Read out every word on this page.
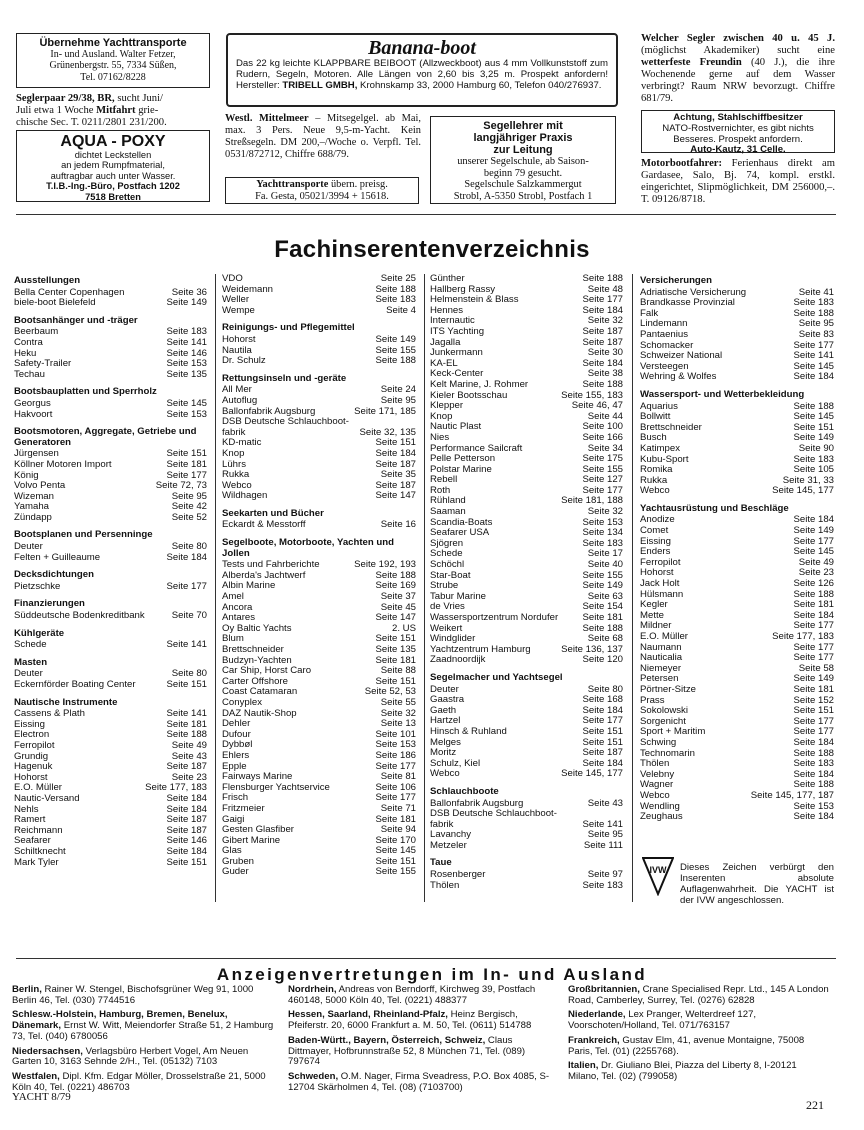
Übernehme Yachttransporte
In- und Ausland. Walter Fetzer,
Grünenbergstr. 55, 7334 Süßen,
Tel. 07162/8228
Seglerpaar 29/38, BR, sucht Juni/
Juli etwa 1 Woche Mitfahrt grie-
chische Sec. T. 0211/2801 231/200.
AQUA - POXY
dichtet Leckstellen
an jedem Rumpfmaterial,
auftragbar auch unter Wasser.
T.I.B.-Ing.-Büro, Postfach 1202
7518 Bretten
Banana-boot
Das 22 kg leichte KLAPPBARE BEIBOOT (Allzweckboot) aus 4 mm Vollkunststoff zum Rudern, Segeln, Motoren. Alle Längen von 2,60 bis 3,25 m. Prospekt anfordern! Hersteller: TRIBELL GMBH, Krohnskamp 33, 2000 Hamburg 60, Telefon 040/276937.
Westl. Mittelmeer – Mitsegelgel. ab Mai, max. 3 Pers. Neue 9,5-m-Yacht. Kein Streßsegeln. DM 200,–/Woche o. Verpfl. Tel. 0531/872712, Chiffre 688/79.
Yachttransporte übern. preisg.
Fa. Gesta, 05021/3994 + 15618.
Segellehrer mit
langjähriger Praxis
zur Leitung
unserer Segelschule, ab Saison-
beginn 79 gesucht.
Segelschule Salzkammergut
Strobl, A-5350 Strobl, Postfach 1
Welcher Segler zwischen 40 u. 45 J. (möglichst Akademiker) sucht eine wetterfeste Freundin (40 J.), die ihre Wochenende gerne auf dem Wasser verbringt? Raum NRW bevorzugt. Chiffre 681/79.
Achtung, Stahlschiffbesitzer
NATO-Rostvernichter, es gibt nichts
Besseres. Prospekt anfordern.
Auto-Kautz, 31 Celle.
Motorbootfahrer: Ferienhaus direkt am Gardasee, Salo, Bj. 74, kompl. erstkl. eingerichtet, Slipmöglichkeit, DM 256000,–. T. 09126/8718.
Fachinserentenverzeichnis
Ausstellungen
Bella Center Copenhagen	Seite 36
biele-boot Bielefeld	Seite 149
Bootsanhänger und -träger
Beerbaum	Seite 183
Contra	Seite 141
Heku	Seite 146
Safety-Trailer	Seite 153
Techau	Seite 135
Bootsbauplatten und Sperrholz
Georgus	Seite 145
Hakvoort	Seite 153
Bootsmotoren, Aggregate, Getriebe und Generatoren
Jürgensen	Seite 151
Köllner Motoren Import	Seite 181
König	Seite 177
Volvo Penta	Seite 72, 73
Wizeman	Seite 95
Yamaha	Seite 42
Zündapp	Seite 52
Bootsplanen und Persenninge
Deuter	Seite 80
Felten + Guilleaume	Seite 184
Decksdichtungen
Pietzschke	Seite 177
Finanzierungen
Süddeutsche Bodenkreditbank	Seite 70
Kühlgeräte
Schede	Seite 141
Masten
Deuter	Seite 80
Eckernförder Boating Center	Seite 151
Nautische Instrumente
Cassens & Plath	Seite 141
Eissing	Seite 181
Electron	Seite 188
Ferropilot	Seite 49
Grundig	Seite 43
Hagenuk	Seite 187
Hohorst	Seite 23
E.O. Müller	Seite 177, 183
Nautic-Versand	Seite 184
Nehls	Seite 184
Ramert	Seite 187
Reichmann	Seite 187
Seafarer	Seite 146
Schiltknecht	Seite 184
Mark Tyler	Seite 151
VDO	Seite 25
Weidemann	Seite 188
Weller	Seite 183
Wempe	Seite 4
Reinigungs- und Pflegemittel
Hohorst	Seite 149
Nautila	Seite 155
Dr. Schulz	Seite 188
Rettungsinseln und -geräte
All Mer	Seite 24
Autoflug	Seite 95
Ballonfabrik Augsburg	Seite 171, 185
DSB Deutsche Schlauchboot-
fabrik	Seite 32, 135
KD-matic	Seite 151
Knop	Seite 184
Lührs	Seite 187
Rukka	Seite 35
Webco	Seite 187
Wildhagen	Seite 147
Seekarten und Bücher
Eckardt & Messtorff	Seite 16
Segelboote, Motorboote, Yachten und Jollen
Tests und Fahrberichte	Seite 192, 193
Alberda's Jachtwerf	Seite 188
Albin Marine	Seite 169
Amel	Seite 37
Ancora	Seite 45
Antares	Seite 147
Oy Baltic Yachts	2. US
Blum	Seite 151
Brettschneider	Seite 135
Budzyn-Yachten	Seite 181
Car Ship, Horst Caro	Seite 88
Carter Offshore	Seite 151
Coast Catamaran	Seite 52, 53
Conyplex	Seite 55
DAZ Nautik-Shop	Seite 32
Dehler	Seite 13
Dufour	Seite 101
Dybbøl	Seite 153
Ehlers	Seite 186
Epple	Seite 177
Fairways Marine	Seite 81
Flensburger Yachtservice	Seite 106
Frisch	Seite 177
Fritzmeier	Seite 71
Gaigi	Seite 181
Gesten Glasfiber	Seite 94
Gibert Marine	Seite 170
Glas	Seite 145
Gruben	Seite 151
Guder	Seite 155
Günther	Seite 188
Hallberg Rassy	Seite 48
Helmenstein & Blass	Seite 177
Hennes	Seite 184
Internautic	Seite 32
ITS Yachting	Seite 187
Jagalla	Seite 187
Junkermann	Seite 30
KA-EL	Seite 184
Keck-Center	Seite 38
Kelt Marine, J. Rohmer	Seite 188
Kieler Bootsschau	Seite 155, 183
Klepper	Seite 46, 47
Knop	Seite 44
Nautic Plast	Seite 100
Nies	Seite 166
Performance Sailcraft	Seite 34
Pelle Petterson	Seite 175
Polstar Marine	Seite 155
Rebell	Seite 127
Roth	Seite 177
Rühland	Seite 181, 188
Saaman	Seite 32
Scandia-Boats	Seite 153
Seafarer USA	Seite 134
Sjögren	Seite 183
Schede	Seite 17
Schöchl	Seite 40
Star-Boat	Seite 155
Strube	Seite 149
Tabur Marine	Seite 63
de Vries	Seite 154
Wassersportzentrum Nordufer	Seite 181
Weikert	Seite 188
Windglider	Seite 68
Yachtzentrum Hamburg	Seite 136, 137
Zaadnoordijk	Seite 120
Segelmacher und Yachtsegel
Deuter	Seite 80
Gaastra	Seite 168
Gaeth	Seite 184
Hartzel	Seite 177
Hinsch & Ruhland	Seite 151
Melges	Seite 151
Moritz	Seite 187
Schulz, Kiel	Seite 184
Webco	Seite 145, 177
Schlauchboote
Ballonfabrik Augsburg	Seite 43
DSB Deutsche Schlauchboot-
fabrik	Seite 141
Lavanchy	Seite 95
Metzeler	Seite 111
Taue
Rosenberger	Seite 97
Thölen	Seite 183
Versicherungen
Adriatische Versicherung	Seite 41
Brandkasse Provinzial	Seite 183
Falk	Seite 188
Lindemann	Seite 95
Pantaenius	Seite 83
Schomacker	Seite 177
Schweizer National	Seite 141
Versteegen	Seite 145
Wehring & Wolfes	Seite 184
Wassersport- und Wetterbekleidung
Aquarius	Seite 188
Bollwitt	Seite 145
Brettschneider	Seite 151
Busch	Seite 149
Katimpex	Seite 90
Kubu-Sport	Seite 183
Romika	Seite 105
Rukka	Seite 31, 33
Webco	Seite 145, 177
Yachtausrüstung und Beschläge
Anodize	Seite 184
Comet	Seite 149
Eissing	Seite 177
Enders	Seite 145
Ferropilot	Seite 49
Hohorst	Seite 23
Jack Holt	Seite 126
Hülsmann	Seite 188
Kegler	Seite 181
Mette	Seite 184
Mildner	Seite 177
E.O. Müller	Seite 177, 183
Naumann	Seite 177
Nauticalia	Seite 177
Niemeyer	Seite 58
Petersen	Seite 149
Pörtner-Sitze	Seite 181
Prass	Seite 152
Sokolowski	Seite 151
Sorgenicht	Seite 177
Sport + Maritim	Seite 177
Schwing	Seite 184
Technomarin	Seite 188
Thölen	Seite 183
Velebny	Seite 184
Wagner	Seite 188
Webco	Seite 145, 177, 187
Wendling	Seite 153
Zeughaus	Seite 184
IVW Dieses Zeichen verbürgt den Inserenten absolute Auflagenwahrheit. Die YACHT ist der IVW angeschlossen.
Anzeigenvertretungen im In- und Ausland
Berlin, Rainer W. Stengel, Bischofsgrüner Weg 91, 1000 Berlin 46, Tel. (030) 7744516
Schlesw.-Holstein, Hamburg, Bremen, Benelux, Dänemark, Ernst W. Witt, Meiendorfer Straße 51, 2 Hamburg 73, Tel. (040) 6780056
Niedersachsen, Verlagsbüro Herbert Vogel, Am Neuen Garten 10, 3163 Sehnde 2/H., Tel. (05132) 7103
Westfalen, Dipl. Kfm. Edgar Möller, Drosselstraße 21, 5000 Köln 40, Tel. (0221) 486703
Nordrhein, Andreas von Berndorff, Kirchweg 39, Postfach 460148, 5000 Köln 40, Tel. (0221) 488377
Hessen, Saarland, Rheinland-Pfalz, Heinz Bergisch, Pfeiferstr. 20, 6000 Frankfurt a. M. 50, Tel. (0611) 514788
Baden-Württ., Bayern, Österreich, Schweiz, Claus Dittmayer, Hofbrunnstraße 52, 8 München 71, Tel. (089) 797674
Schweden, O.M. Nager, Firma Sveadress, P.O. Box 4085, S-12704 Skärholmen 4, Tel. (08) (7103700)
Großbritannien, Crane Specialised Repr. Ltd., 145 A London Road, Camberley, Surrey, Tel. (0276) 62828
Niederlande, Lex Pranger, Welterdreef 127, Voorschoten/Holland, Tel. 071/763157
Frankreich, Gustav Elm, 41, avenue Montaigne, 75008 Paris, Tel. (01) (2255768).
Italien, Dr. Giuliano Blei, Piazza del Liberty 8, I-20121 Milano, Tel. (02) (799058)
YACHT 8/79
221
